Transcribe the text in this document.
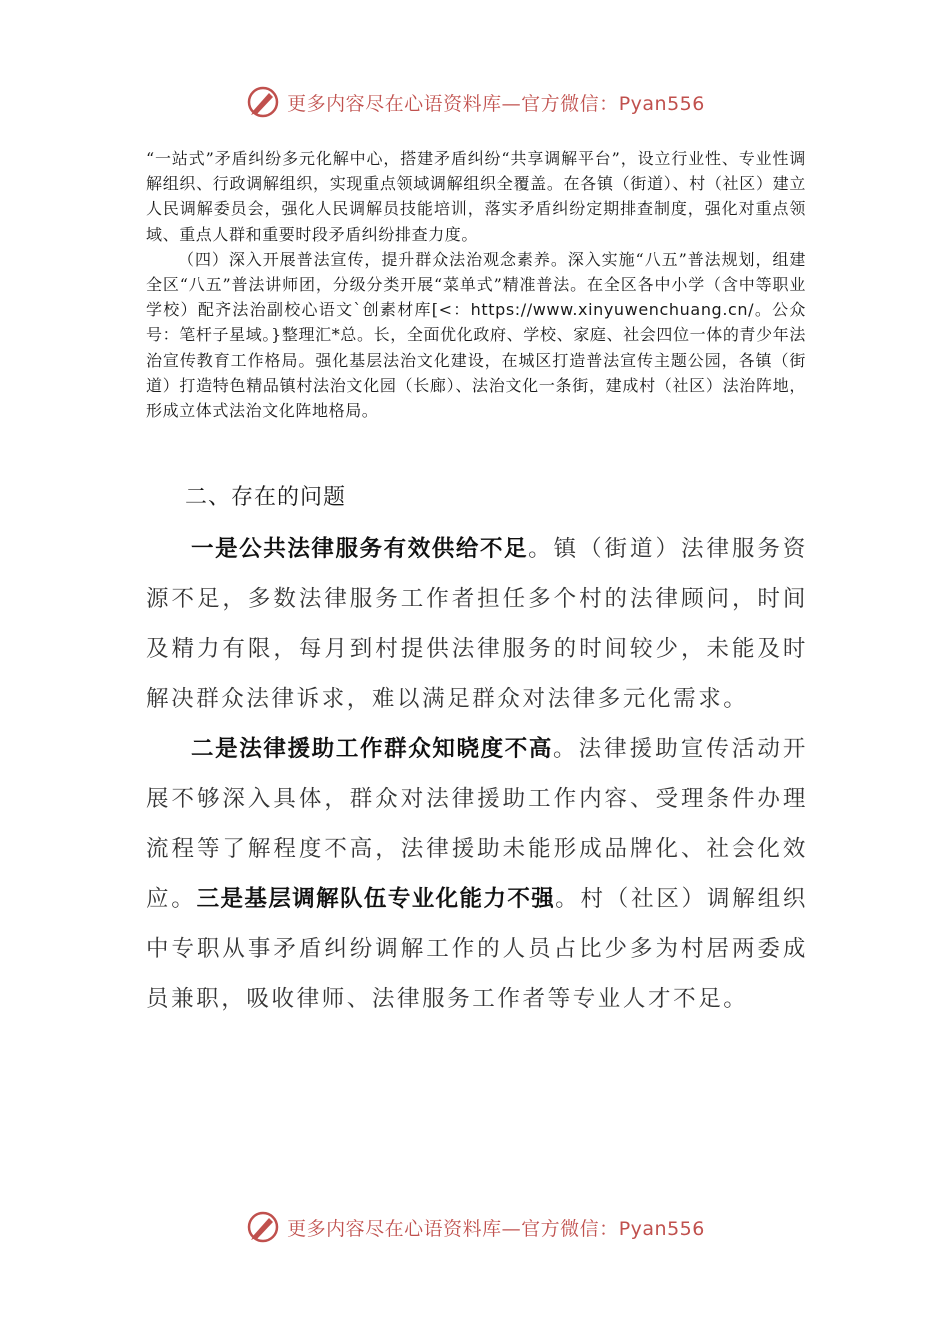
更多内容尽在心语资料库—官方微信：Pyan556

“一站式”矛盾纠纷多元化解中心，搭建矛盾纠纷“共享调解平台”，设立行业性、专业性调解组织、行政调解组织，实现重点领域调解组织全覆盖。在各镇（街道）、村（社区）建立人民调解委员会，强化人民调解员技能培训，落实矛盾纠纷定期排查制度，强化对重点领域、重点人群和重要时段矛盾纠纷排查力度。

（四）深入开展普法宣传，提升群众法治观念素养。深入实施“八五”普法规划，组建全区“八五”普法讲师团，分级分类开展“菜单式”精准普法。在全区各中小学（含中等职业学校）配齐法治副校心语文`创素材库[<：https://www.xinyuwenchuang.cn/。公众号：笔杆子星域。}整理汇*总。长，全面优化政府、学校、家庭、社会四位一体的青少年法治宣传教育工作格局。强化基层法治文化建设，在城区打造普法宣传主题公园，各镇（街道）打造特色精品镇村法治文化园（长廊）、法治文化一条街，建成村（社区）法治阵地，形成立体式法治文化阵地格局。

二、存在的问题

一是公共法律服务有效供给不足。镇（街道）法律服务资源不足，多数法律服务工作者担任多个村的法律顾问，时间及精力有限，每月到村提供法律服务的时间较少，未能及时解决群众法律诉求，难以满足群众对法律多元化需求。

二是法律援助工作群众知晓度不高。法律援助宣传活动开展不够深入具体，群众对法律援助工作内容、受理条件办理流程等了解程度不高，法律援助未能形成品牌化、社会化效应。三是基层调解队伍专业化能力不强。村（社区）调解组织中专职从事矛盾纠纷调解工作的人员占比少多为村居两委成员兼职，吸收律师、法律服务工作者等专业人才不足。

更多内容尽在心语资料库—官方微信：Pyan556
